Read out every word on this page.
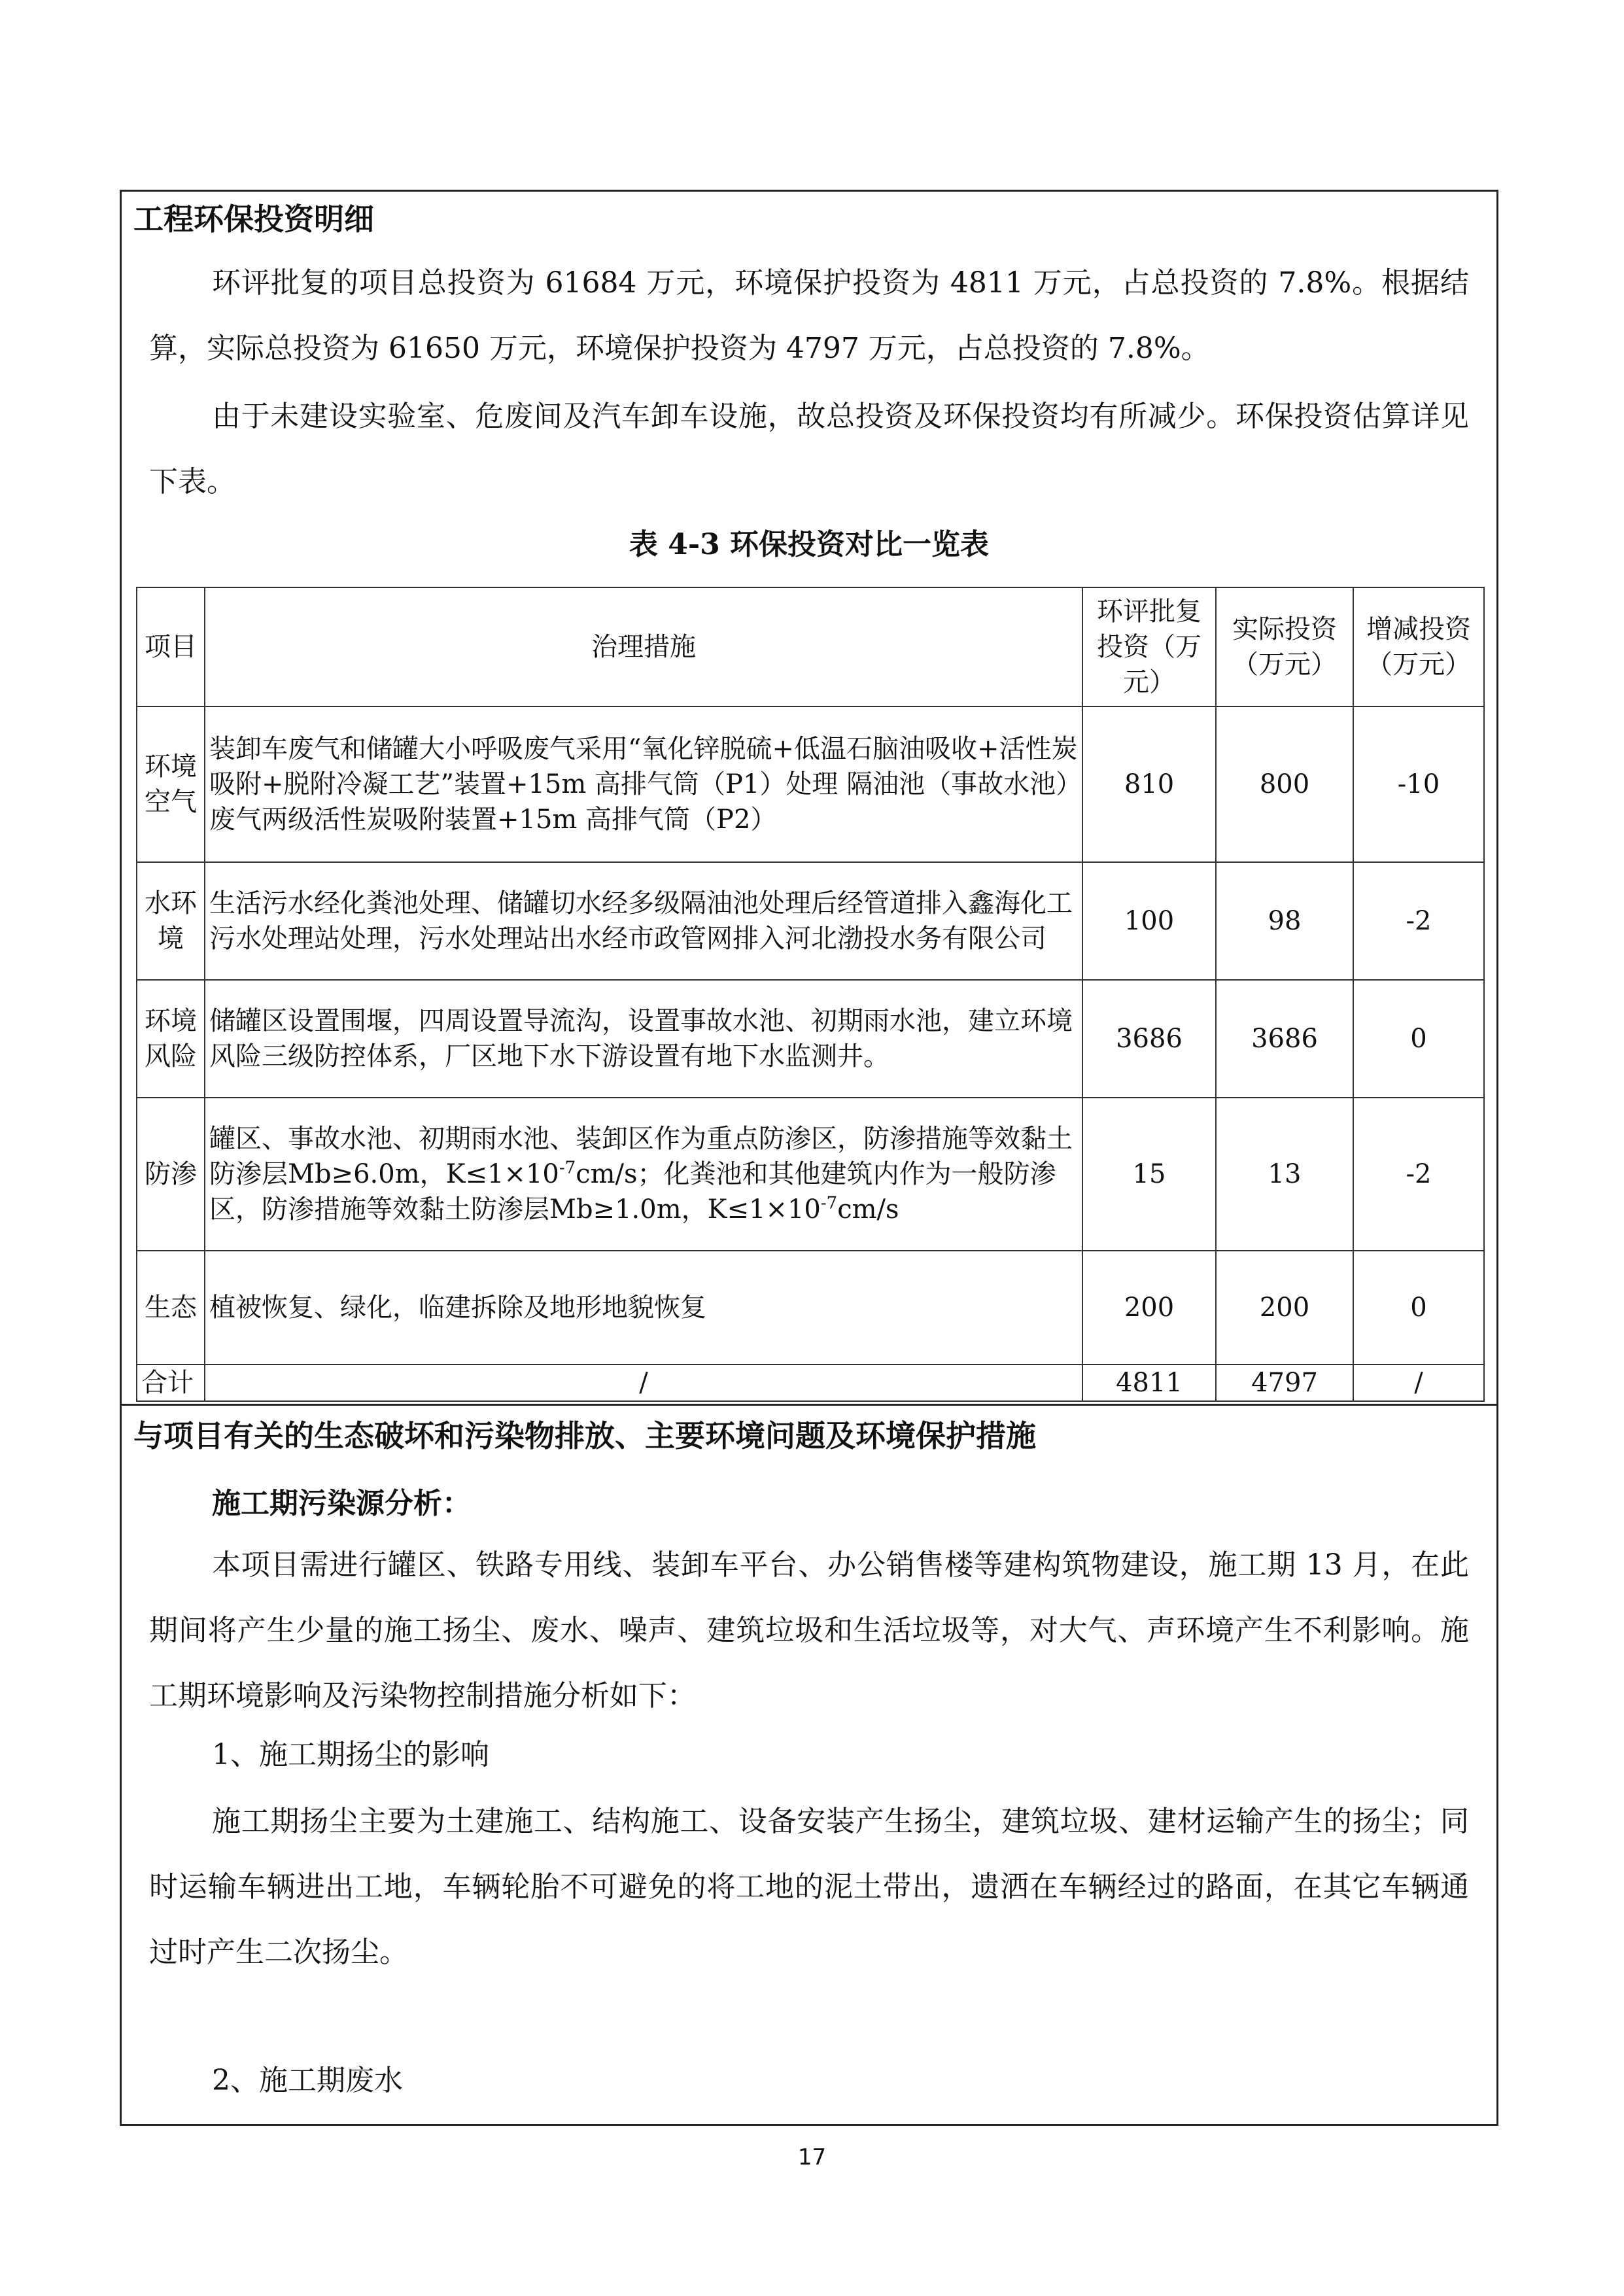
工程环保投资明细

环评批复的项目总投资为 61684 万元，环境保护投资为 4811 万元，占总投资的 7.8%。根据结算，实际总投资为 61650 万元，环境保护投资为 4797 万元，占总投资的 7.8%。

由于未建设实验室、危废间及汽车卸车设施，故总投资及环保投资均有所减少。环保投资估算详见下表。

表 4-3 环保投资对比一览表
项目	治理措施	环评批复投资（万元）	实际投资（万元）	增减投资（万元）
环境空气	装卸车废气和储罐大小呼吸废气采用“氧化锌脱硫+低温石脑油吸收+活性炭吸附+脱附冷凝工艺”装置+15m 高排气筒（P1）处理 隔油池（事故水池）废气两级活性炭吸附装置+15m 高排气筒（P2）	810	800	-10
水环境	生活污水经化粪池处理、储罐切水经多级隔油池处理后经管道排入鑫海化工污水处理站处理，污水处理站出水经市政管网排入河北渤投水务有限公司	100	98	-2
环境风险	储罐区设置围堰，四周设置导流沟，设置事故水池、初期雨水池，建立环境风险三级防控体系，厂区地下水下游设置有地下水监测井。	3686	3686	0
防渗	罐区、事故水池、初期雨水池、装卸区作为重点防渗区，防渗措施等效黏土防渗层Mb≥6.0m，$K\le 1\times 10^{-7}cm/s$；化粪池和其他建筑内作为一般防渗区，防渗措施等效黏土防渗层Mb≥1.0m，$K\le 1\times 10^{-7}cm/s$	15	13	-2
生态	植被恢复、绿化，临建拆除及地形地貌恢复	200	200	0
合计	/	4811	4797	/
与项目有关的生态破坏和污染物排放、主要环境问题及环境保护措施
施工期污染源分析：

本项目需进行罐区、铁路专用线、装卸车平台、办公销售楼等建构筑物建设，施工期 13 月，在此期间将产生少量的施工扬尘、废水、噪声、建筑垃圾和生活垃圾等，对大气、声环境产生不利影响。施工期环境影响及污染物控制措施分析如下：

1、施工期扬尘的影响

施工期扬尘主要为土建施工、结构施工、设备安装产生扬尘，建筑垃圾、建材运输产生的扬尘；同时运输车辆进出工地，车辆轮胎不可避免的将工地的泥土带出，遗洒在车辆经过的路面，在其它车辆通过时产生二次扬尘。

2、施工期废水
17
